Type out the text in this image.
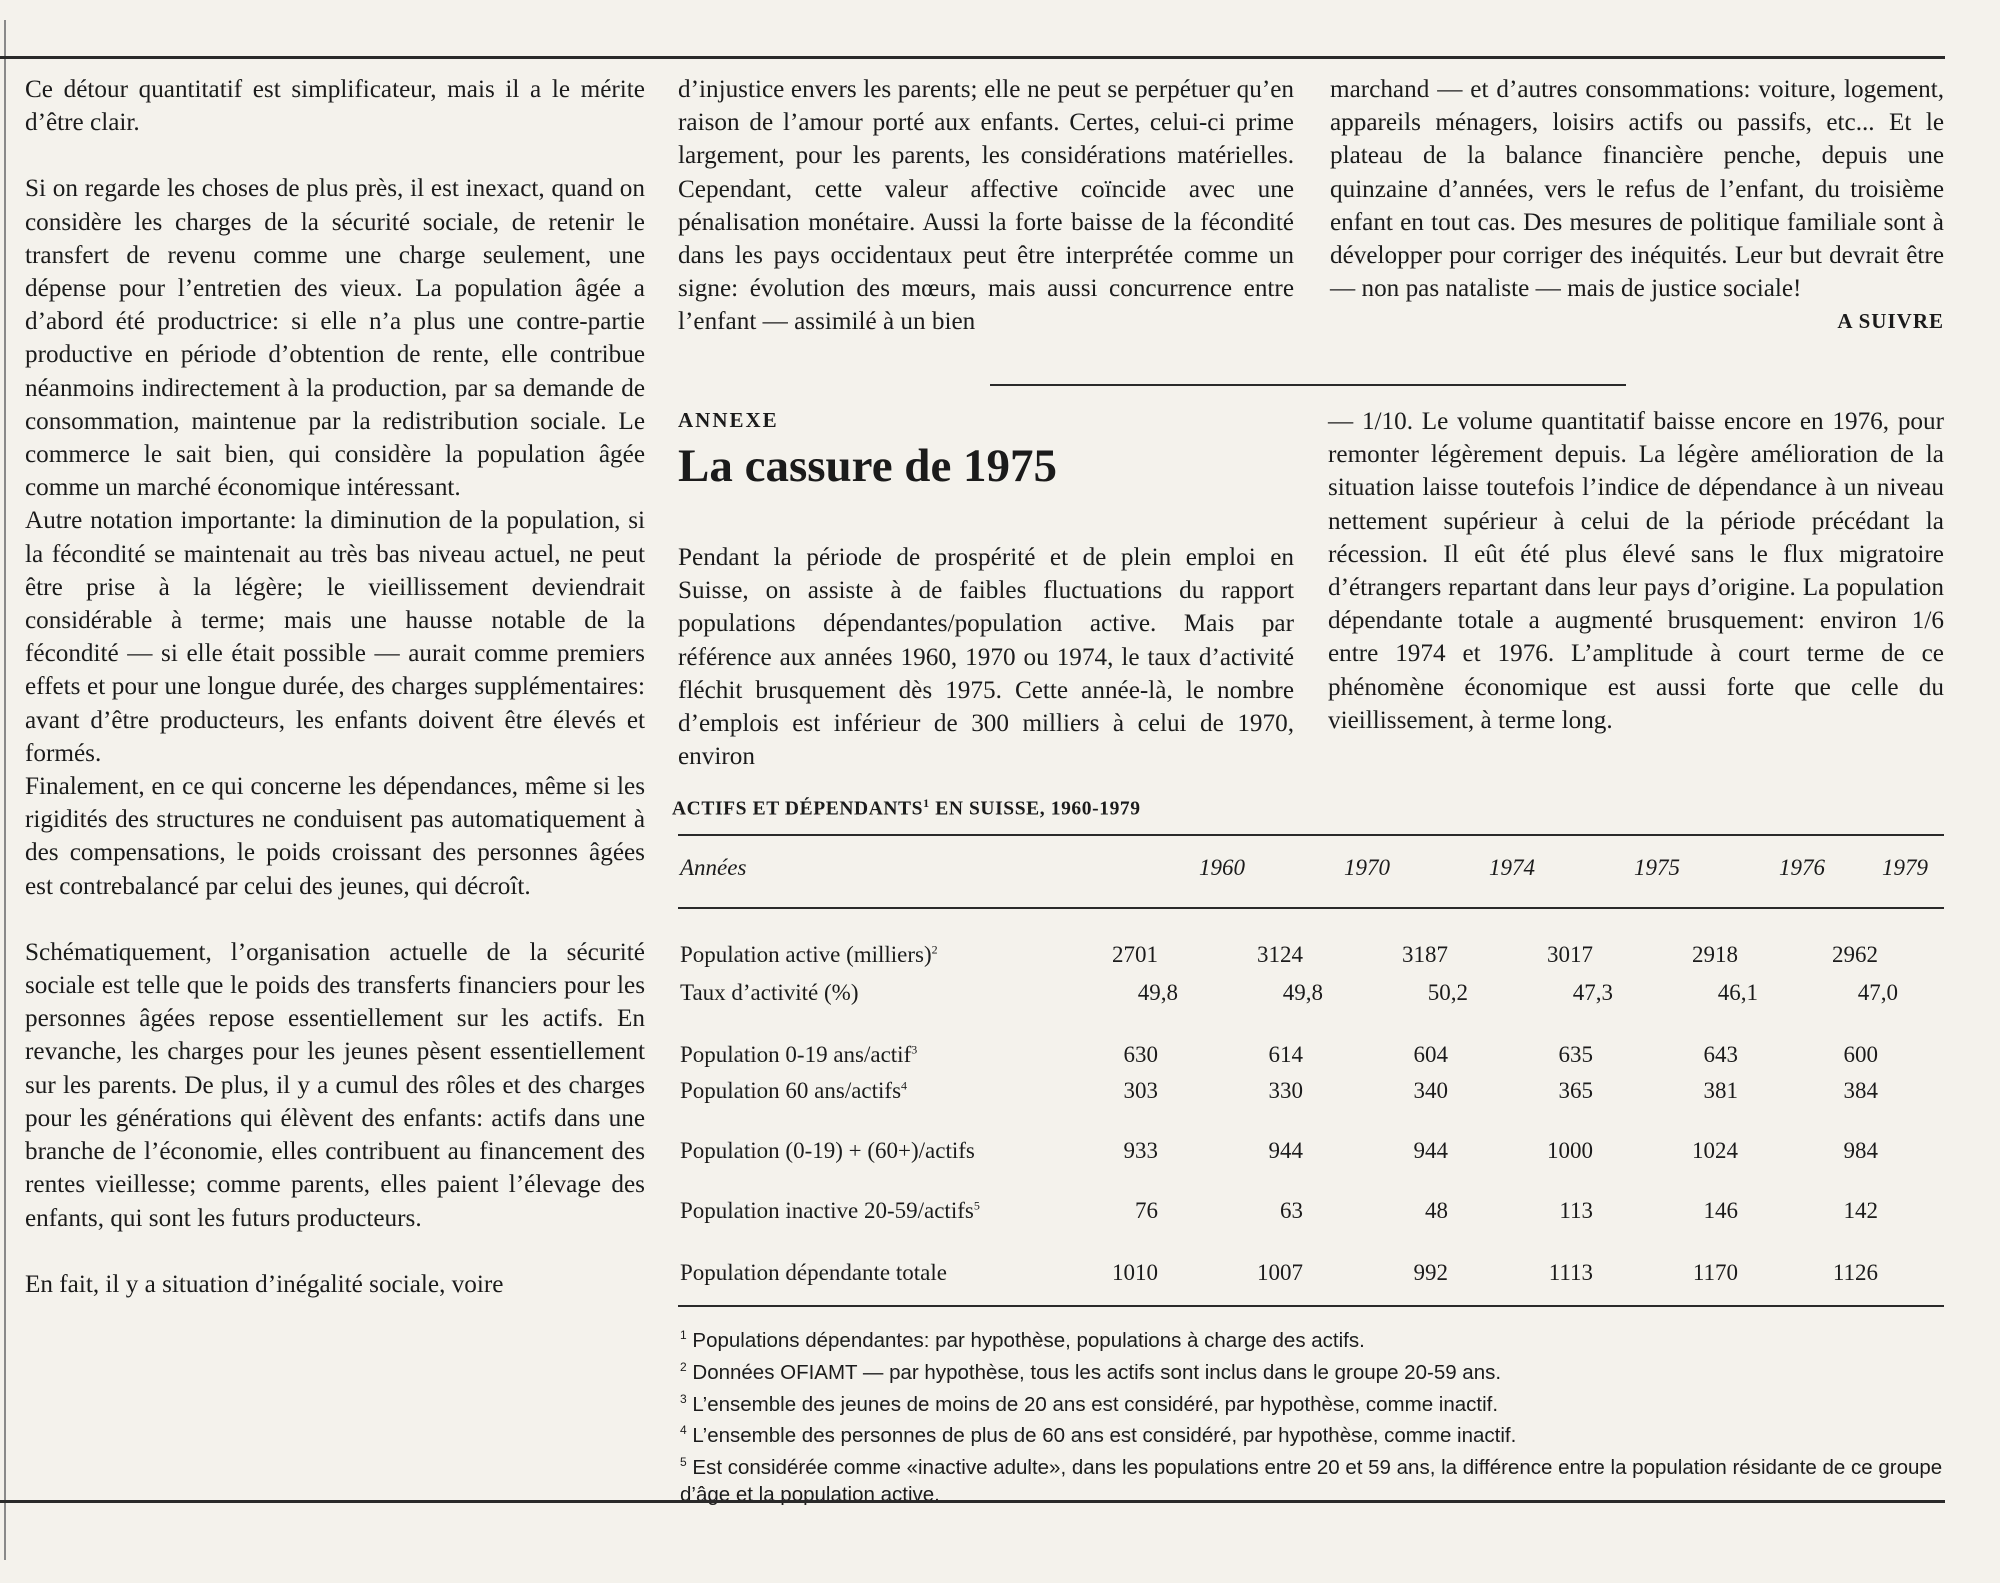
Ce détour quantitatif est simplificateur, mais il a le mérite d’être clair.

Si on regarde les choses de plus près, il est inexact, quand on considère les charges de la sécurité sociale, de retenir le transfert de revenu comme une charge seulement, une dépense pour l’entretien des vieux. La population âgée a d’abord été productrice: si elle n’a plus une contre-partie productive en période d’obtention de rente, elle contribue néanmoins indirectement à la production, par sa demande de consommation, maintenue par la redistribution sociale. Le commerce le sait bien, qui considère la population âgée comme un marché économique intéressant.

Autre notation importante: la diminution de la population, si la fécondité se maintenait au très bas niveau actuel, ne peut être prise à la légère; le vieillissement deviendrait considérable à terme; mais une hausse notable de la fécondité — si elle était possible — aurait comme premiers effets et pour une longue durée, des charges supplémentaires: avant d’être producteurs, les enfants doivent être élevés et formés.

Finalement, en ce qui concerne les dépendances, même si les rigidités des structures ne conduisent pas automatiquement à des compensations, le poids croissant des personnes âgées est contrebalancé par celui des jeunes, qui décroît.

Schématiquement, l’organisation actuelle de la sécurité sociale est telle que le poids des transferts financiers pour les personnes âgées repose essentiellement sur les actifs. En revanche, les charges pour les jeunes pèsent essentiellement sur les parents. De plus, il y a cumul des rôles et des charges pour les générations qui élèvent des enfants: actifs dans une branche de l’économie, elles contribuent au financement des rentes vieillesse; comme parents, elles paient l’élevage des enfants, qui sont les futurs producteurs.

En fait, il y a situation d’inégalité sociale, voire

d’injustice envers les parents; elle ne peut se perpétuer qu’en raison de l’amour porté aux enfants. Certes, celui-ci prime largement, pour les parents, les considérations matérielles. Cependant, cette valeur affective coïncide avec une pénalisation monétaire. Aussi la forte baisse de la fécondité dans les pays occidentaux peut être interprétée comme un signe: évolution des mœurs, mais aussi concurrence entre l’enfant — assimilé à un bien

marchand — et d’autres consommations: voiture, logement, appareils ménagers, loisirs actifs ou passifs, etc... Et le plateau de la balance financière penche, depuis une quinzaine d’années, vers le refus de l’enfant, du troisième enfant en tout cas. Des mesures de politique familiale sont à développer pour corriger des inéquités. Leur but devrait être — non pas nataliste — mais de justice sociale!

A SUIVRE
ANNEXE
La cassure de 1975

Pendant la période de prospérité et de plein emploi en Suisse, on assiste à de faibles fluctuations du rapport populations dépendantes/population active. Mais par référence aux années 1960, 1970 ou 1974, le taux d’activité fléchit brusquement dès 1975. Cette année-là, le nombre d’emplois est inférieur de 300 milliers à celui de 1970, environ

— 1/10. Le volume quantitatif baisse encore en 1976, pour remonter légèrement depuis. La légère amélioration de la situation laisse toutefois l’indice de dépendance à un niveau nettement supérieur à celui de la période précédant la récession. Il eût été plus élevé sans le flux migratoire d’étrangers repartant dans leur pays d’origine. La population dépendante totale a augmenté brusquement: environ 1/6 entre 1974 et 1976. L’amplitude à court terme de ce phénomène économique est aussi forte que celle du vieillissement, à terme long.

ACTIFS ET DÉPENDANTS$^1$ EN SUISSE, 1960-1979
Années	1960	1970	1974	1975	1976	1979
Population active (milliers)$^2$	2701	3124	3187	3017	2918	2962
Taux d’activité (%)	49,8	49,8	50,2	47,3	46,1	47,0
Population 0-19 ans/actif$^3$	630	614	604	635	643	600
Population 60 ans/actifs$^4$	303	330	340	365	381	384
Population (0-19) + (60+)/actifs	933	944	944	1000	1024	984
Population inactive 20-59/actifs$^5$	76	63	48	113	146	142
Population dépendante totale	1010	1007	992	1113	1170	1126
$^1$ Populations dépendantes: par hypothèse, populations à charge des actifs.
$^2$ Données OFIAMT — par hypothèse, tous les actifs sont inclus dans le groupe 20-59 ans.
$^3$ L’ensemble des jeunes de moins de 20 ans est considéré, par hypothèse, comme inactif.
$^4$ L’ensemble des personnes de plus de 60 ans est considéré, par hypothèse, comme inactif.
$^5$ Est considérée comme «inactive adulte», dans les populations entre 20 et 59 ans, la différence entre la population résidante de ce groupe d’âge et la population active.
